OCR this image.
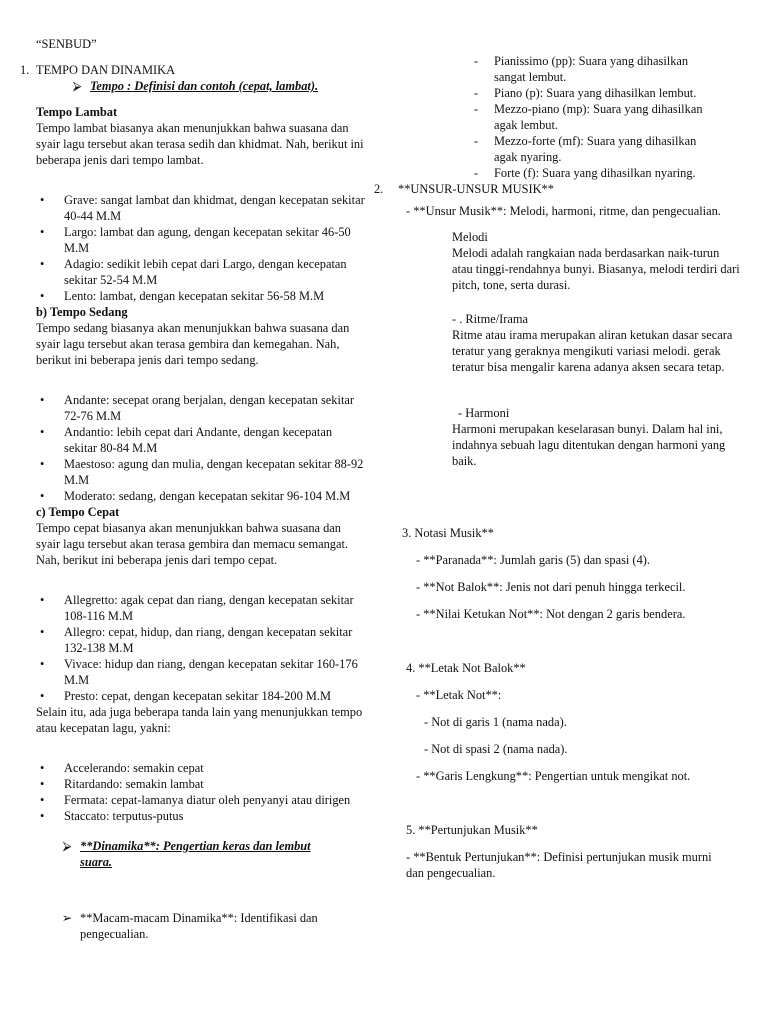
“SENBUD”

1. TEMPO DAN DINAMIKA
⮚ Tempo : Definisi dan contoh (cepat, lambat).

Tempo Lambat

Tempo lambat biasanya akan menunjukkan bahwa suasana dan syair lagu tersebut akan terasa sedih dan khidmat. Nah, berikut ini beberapa jenis dari tempo lambat.

• Grave: sangat lambat dan khidmat, dengan kecepatan sekitar 40-44 M.M
• Largo: lambat dan agung, dengan kecepatan sekitar 46-50 M.M
• Adagio: sedikit lebih cepat dari Largo, dengan kecepatan sekitar 52-54 M.M
• Lento: lambat, dengan kecepatan sekitar 56-58 M.M

b) Tempo Sedang

Tempo sedang biasanya akan menunjukkan bahwa suasana dan syair lagu tersebut akan terasa gembira dan kemegahan. Nah, berikut ini beberapa jenis dari tempo sedang.

• Andante: secepat orang berjalan, dengan kecepatan sekitar 72-76 M.M
• Andantio: lebih cepat dari Andante, dengan kecepatan sekitar 80-84 M.M
• Maestoso: agung dan mulia, dengan kecepatan sekitar 88-92 M.M
• Moderato: sedang, dengan kecepatan sekitar 96-104 M.M

c) Tempo Cepat

Tempo cepat biasanya akan menunjukkan bahwa suasana dan syair lagu tersebut akan terasa gembira dan memacu semangat. Nah, berikut ini beberapa jenis dari tempo cepat.

• Allegretto: agak cepat dan riang, dengan kecepatan sekitar 108-116 M.M
• Allegro: cepat, hidup, dan riang, dengan kecepatan sekitar 132-138 M.M
• Vivace: hidup dan riang, dengan kecepatan sekitar 160-176 M.M
• Presto: cepat, dengan kecepatan sekitar 184-200 M.M

Selain itu, ada juga beberapa tanda lain yang menunjukkan tempo atau kecepatan lagu, yakni:

• Accelerando: semakin cepat
• Ritardando: semakin lambat
• Fermata: cepat-lamanya diatur oleh penyanyi atau dirigen
• Staccato: terputus-putus
⮚ **Dinamika**: Pengertian keras dan lembut suara.
➢ **Macam-macam Dinamika**: Identifikasi dan pengecualian.
- Pianissimo (pp): Suara yang dihasilkan sangat lembut.
- Piano (p): Suara yang dihasilkan lembut.
- Mezzo-piano (mp): Suara yang dihasilkan agak lembut.
- Mezzo-forte (mf): Suara yang dihasilkan agak nyaring.
- Forte (f): Suara yang dihasilkan nyaring.
2.	**UNSUR-UNSUR MUSIK**

- **Unsur Musik**: Melodi, harmoni, ritme, dan pengecualian.

Melodi

Melodi adalah rangkaian nada berdasarkan naik-turun atau tinggi-rendahnya bunyi. Biasanya, melodi terdiri dari pitch, tone, serta durasi.

- . Ritme/Irama

Ritme atau irama merupakan aliran ketukan dasar secara teratur yang geraknya mengikuti variasi melodi. gerak teratur bisa mengalir karena adanya aksen secara tetap.

- Harmoni

Harmoni merupakan keselarasan bunyi. Dalam hal ini, indahnya sebuah lagu ditentukan dengan harmoni yang baik.

3. Notasi Musik**

- **Paranada**: Jumlah garis (5) dan spasi (4).

- **Not Balok**: Jenis not dari penuh hingga terkecil.

- **Nilai Ketukan Not**: Not dengan 2 garis bendera.

4. **Letak Not Balok**

- **Letak Not**:

- Not di garis 1 (nama nada).

- Not di spasi 2 (nama nada).

- **Garis Lengkung**: Pengertian untuk mengikat not.

5. **Pertunjukan Musik**

- **Bentuk Pertunjukan**: Definisi pertunjukan musik murni dan pengecualian.
